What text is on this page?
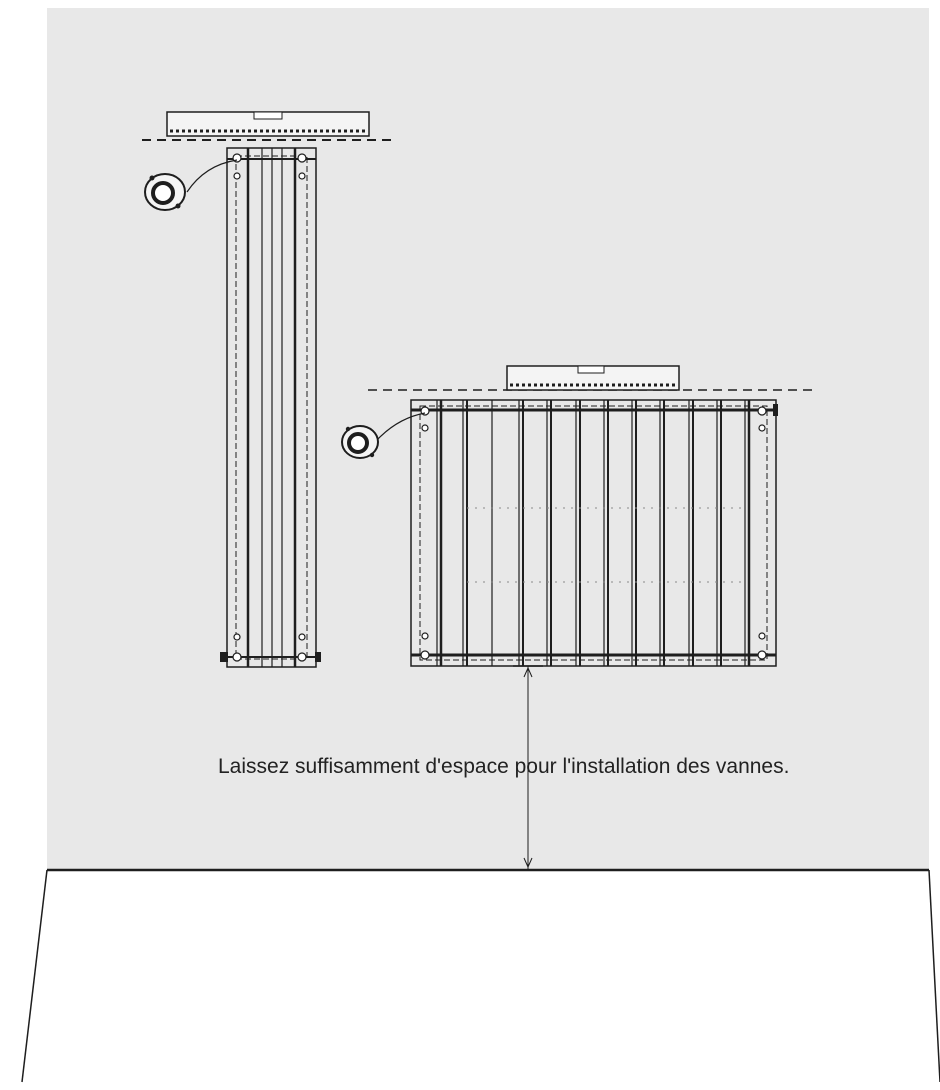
Laissez suffisamment d'espace pour l'installation des vannes.
